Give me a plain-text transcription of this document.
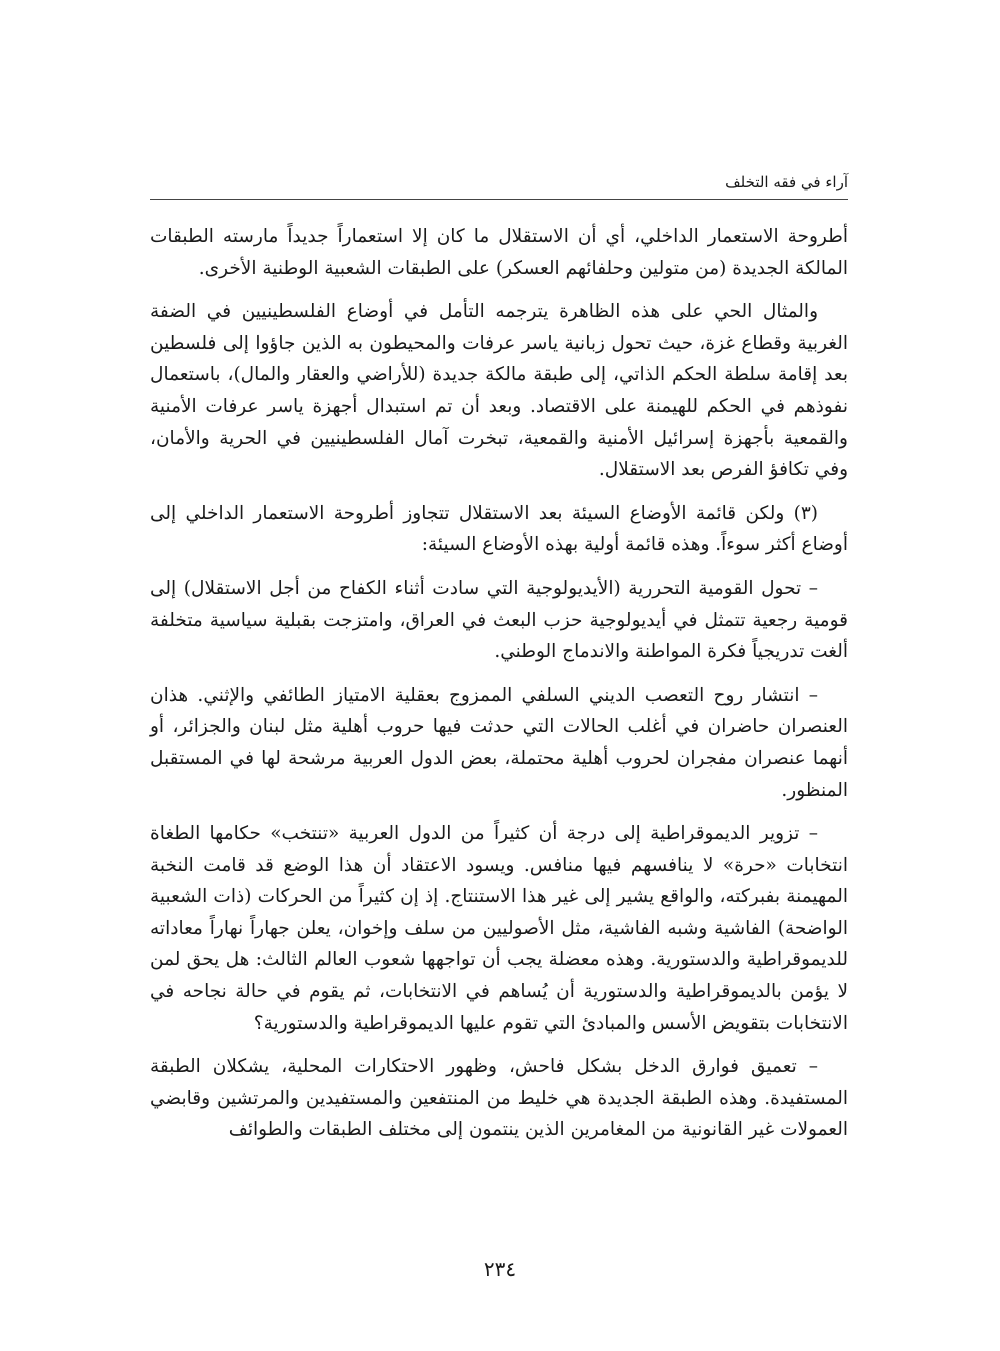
آراء في فقه التخلف

أطروحة الاستعمار الداخلي، أي أن الاستقلال ما كان إلا استعماراً جديداً مارسته الطبقات المالكة الجديدة (من متولين وحلفائهم العسكر) على الطبقات الشعبية الوطنية الأخرى.

والمثال الحي على هذه الظاهرة يترجمه التأمل في أوضاع الفلسطينيين في الضفة الغربية وقطاع غزة، حيث تحول زبانية ياسر عرفات والمحيطون به الذين جاؤوا إلى فلسطين بعد إقامة سلطة الحكم الذاتي، إلى طبقة مالكة جديدة (للأراضي والعقار والمال)، باستعمال نفوذهم في الحكم للهيمنة على الاقتصاد. وبعد أن تم استبدال أجهزة ياسر عرفات الأمنية والقمعية بأجهزة إسرائيل الأمنية والقمعية، تبخرت آمال الفلسطينيين في الحرية والأمان، وفي تكافؤ الفرص بعد الاستقلال.

(٣) ولكن قائمة الأوضاع السيئة بعد الاستقلال تتجاوز أطروحة الاستعمار الداخلي إلى أوضاع أكثر سوءاً. وهذه قائمة أولية بهذه الأوضاع السيئة:

– تحول القومية التحررية (الأيديولوجية التي سادت أثناء الكفاح من أجل الاستقلال) إلى قومية رجعية تتمثل في أيديولوجية حزب البعث في العراق، وامتزجت بقبلية سياسية متخلفة ألغت تدريجياً فكرة المواطنة والاندماج الوطني.

– انتشار روح التعصب الديني السلفي الممزوج بعقلية الامتياز الطائفي والإثني. هذان العنصران حاضران في أغلب الحالات التي حدثت فيها حروب أهلية مثل لبنان والجزائر، أو أنهما عنصران مفجران لحروب أهلية محتملة، بعض الدول العربية مرشحة لها في المستقبل المنظور.

– تزوير الديموقراطية إلى درجة أن كثيراً من الدول العربية «تنتخب» حكامها الطغاة انتخابات «حرة» لا ينافسهم فيها منافس. ويسود الاعتقاد أن هذا الوضع قد قامت النخبة المهيمنة بفبركته، والواقع يشير إلى غير هذا الاستنتاج. إذ إن كثيراً من الحركات (ذات الشعبية الواضحة) الفاشية وشبه الفاشية، مثل الأصوليين من سلف وإخوان، يعلن جهاراً نهاراً معاداته للديموقراطية والدستورية. وهذه معضلة يجب أن تواجهها شعوب العالم الثالث: هل يحق لمن لا يؤمن بالديموقراطية والدستورية أن يُساهم في الانتخابات، ثم يقوم في حالة نجاحه في الانتخابات بتقويض الأسس والمبادئ التي تقوم عليها الديموقراطية والدستورية؟

– تعميق فوارق الدخل بشكل فاحش، وظهور الاحتكارات المحلية، يشكلان الطبقة المستفيدة. وهذه الطبقة الجديدة هي خليط من المنتفعين والمستفيدين والمرتشين وقابضي العمولات غير القانونية من المغامرين الذين ينتمون إلى مختلف الطبقات والطوائف

٢٣٤
